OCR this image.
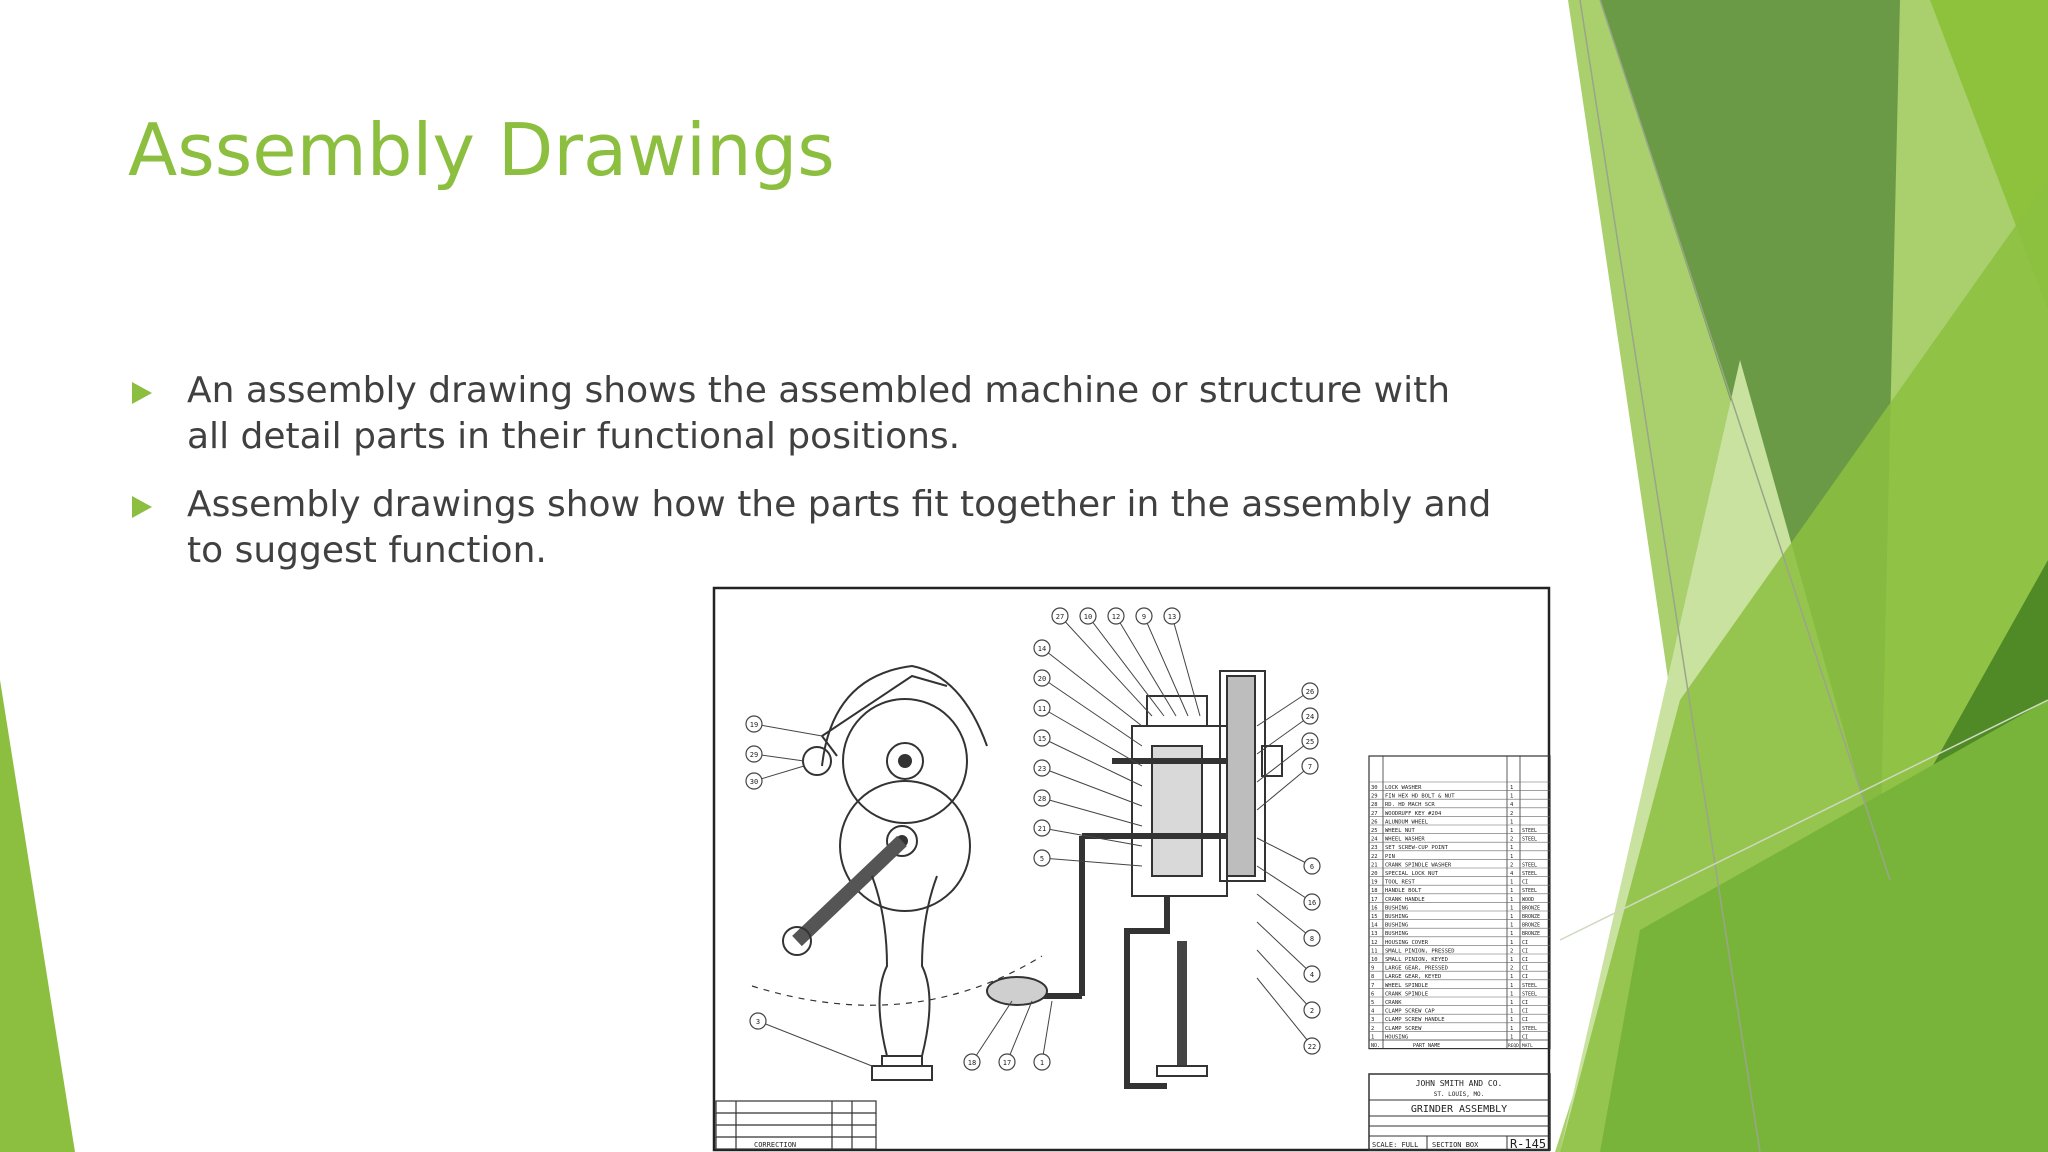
Assembly Drawings
An assembly drawing shows the assembled machine or structure with all detail parts in their functional positions.
Assembly drawings show how the parts fit together in the assembly and to suggest function.
19
29
30
3
27	10	12	9	13
14
20
11
15
23
28
21
5
18	17	1
26
24
25
7
6
16
8
4
2
22
CORRECTION
30 LOCK WASHER	1
29 FIN HEX HD BOLT & NUT	1
28 RD. HD MACH SCR	4
27 WOODRUFF KEY #204	2
26 ALUNDUM WHEEL	1
25 WHEEL NUT	1 STEEL
24 WHEEL WASHER	2 STEEL
23 SET SCREW-CUP POINT	1
22 PIN	1
21 CRANK SPINDLE WASHER	2 STEEL
20 SPECIAL LOCK NUT	4 STEEL
19 TOOL REST	1 CI
18 HANDLE BOLT	1 STEEL
17 CRANK HANDLE	1 WOOD
16 BUSHING	1 BRONZE
15 BUSHING	1 BRONZE
14 BUSHING	1 BRONZE
13 BUSHING	1 BRONZE
12 HOUSING COVER	1 CI
11 SMALL PINION, PRESSED	2 CI
10 SMALL PINION, KEYED	1 CI
9 LARGE GEAR, PRESSED	2 CI
8 LARGE GEAR, KEYED	1 CI
7 WHEEL SPINDLE	1 STEEL
6 CRANK SPINDLE	1 STEEL
5 CRANK	1 CI
4 CLAMP SCREW CAP	1 CI
3 CLAMP SCREW HANDLE	1 CI
2 CLAMP SCREW	1 STEEL
1 HOUSING	1 CI
NO.	PART NAME	REQD MATL
JOHN SMITH AND CO.
ST. LOUIS, MO.
GRINDER ASSEMBLY
SCALE: FULL SECTION BOX	R-145
